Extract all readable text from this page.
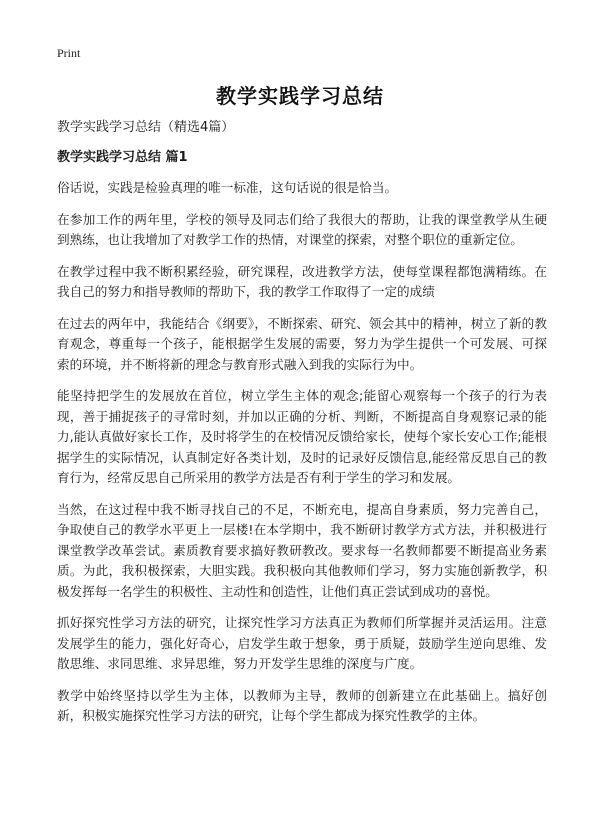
Print
教学实践学习总结
教学实践学习总结（精选4篇）
教学实践学习总结 篇1

俗话说，实践是检验真理的唯一标准，这句话说的很是恰当。

在参加工作的两年里，学校的领导及同志们给了我很大的帮助，让我的课堂教学从生硬到熟练，也让我增加了对教学工作的热情，对课堂的探索，对整个职位的重新定位。

在教学过程中我不断积累经验，研究课程，改进教学方法，使每堂课程都饱满精练。在我自己的努力和指导教师的帮助下，我的教学工作取得了一定的成绩

在过去的两年中，我能结合《纲要》，不断探索、研究、领会其中的精神，树立了新的教育观念，尊重每一个孩子，能根据学生发展的需要，努力为学生提供一个可发展、可探索的环境，并不断将新的理念与教育形式融入到我的实际行为中。

能坚持把学生的发展放在首位，树立学生主体的观念;能留心观察每一个孩子的行为表现，善于捕捉孩子的寻常时刻，并加以正确的分析、判断，不断提高自身观察记录的能力,能认真做好家长工作，及时将学生的在校情况反馈给家长，使每个家长安心工作;能根据学生的实际情况，认真制定好各类计划，及时的记录好反馈信息,能经常反思自己的教育行为，经常反思自己所采用的教学方法是否有利于学生的学习和发展。

当然，在这过程中我不断寻找自己的不足，不断充电，提高自身素质，努力完善自己，争取使自己的教学水平更上一层楼!在本学期中，我不断研讨教学方式方法，并积极进行课堂教学改革尝试。素质教育要求搞好教研教改。要求每一名教师都要不断提高业务素质。为此，我积极探索，大胆实践。我积极向其他教师们学习，努力实施创新教学，积极发挥每一名学生的积极性、主动性和创造性，让他们真正尝试到成功的喜悦。

抓好探究性学习方法的研究，让探究性学习方法真正为教师们所掌握并灵活运用。注意发展学生的能力，强化好奇心，启发学生敢于想象，勇于质疑，鼓励学生逆向思维、发散思维、求同思维、求异思维，努力开发学生思维的深度与广度。

教学中始终坚持以学生为主体，以教师为主导，教师的创新建立在此基础上。搞好创新，积极实施探究性学习方法的研究，让每个学生都成为探究性教学的主体。
